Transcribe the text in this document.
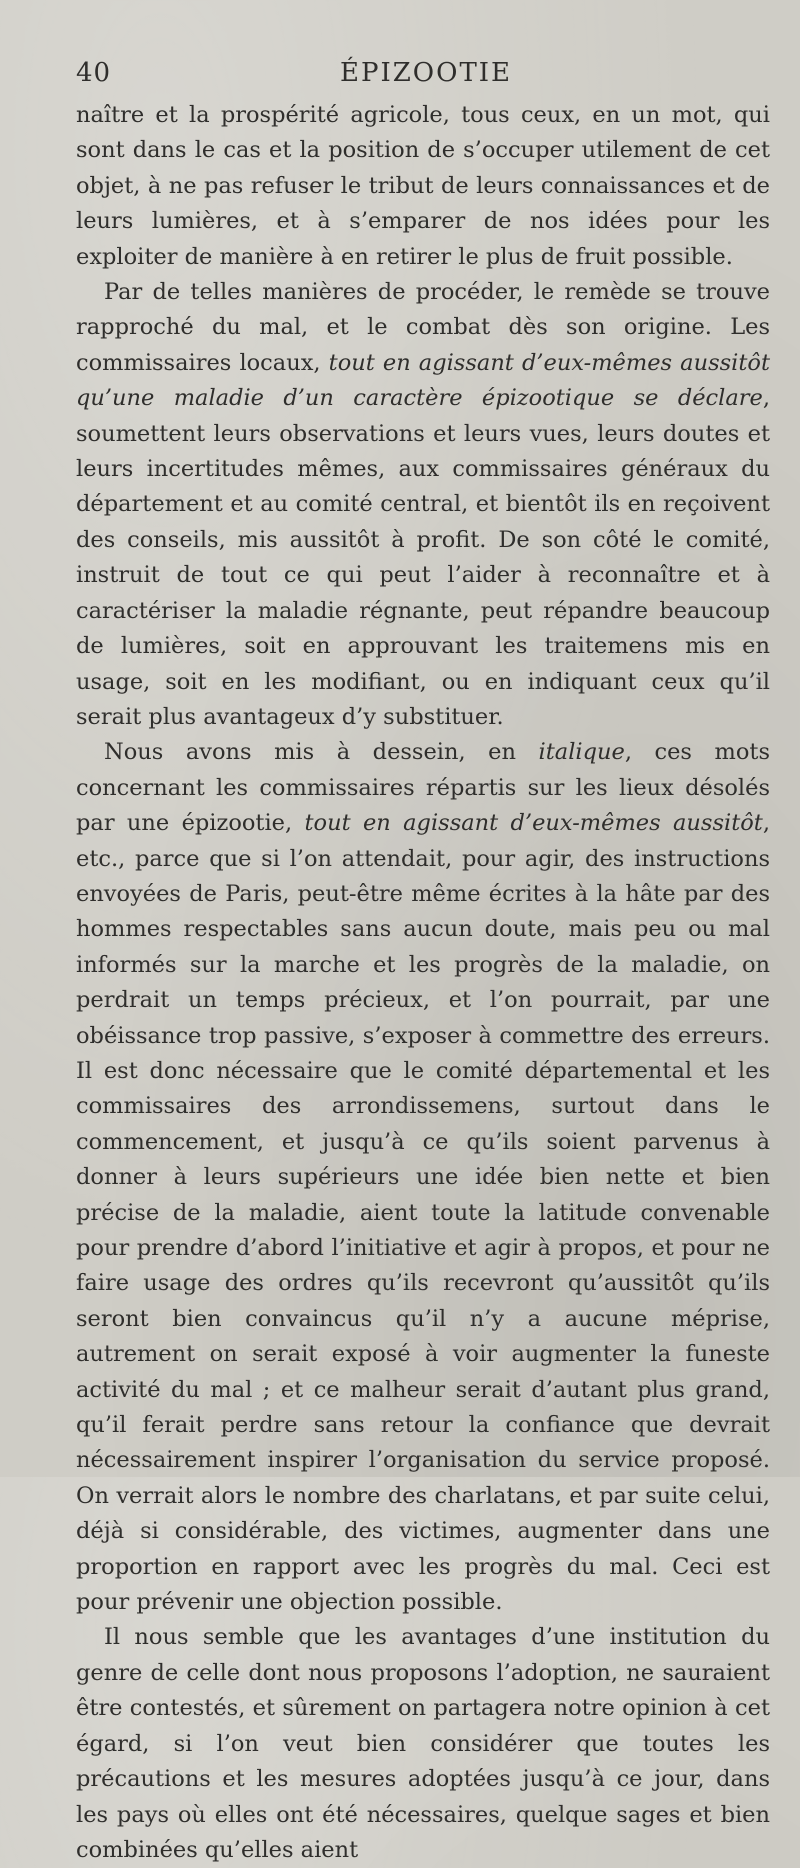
40	ÉPIZOOTIE

naître et la prospérité agricole, tous ceux, en un mot, qui sont dans le cas et la position de s’occuper utilement de cet objet, à ne pas refuser le tribut de leurs connaissances et de leurs lumières, et à s’emparer de nos idées pour les exploiter de manière à en retirer le plus de fruit possible.

Par de telles manières de procéder, le remède se trouve rapproché du mal, et le combat dès son origine. Les commissaires locaux, tout en agissant d’eux-mêmes aussitôt qu’une maladie d’un caractère épizootique se déclare, soumettent leurs observations et leurs vues, leurs doutes et leurs incertitudes mêmes, aux commissaires généraux du département et au comité central, et bientôt ils en reçoivent des conseils, mis aussitôt à profit. De son côté le comité, instruit de tout ce qui peut l’aider à reconnaître et à caractériser la maladie régnante, peut répandre beaucoup de lumières, soit en approuvant les traitemens mis en usage, soit en les modifiant, ou en indiquant ceux qu’il serait plus avantageux d’y substituer.

Nous avons mis à dessein, en italique, ces mots concernant les commissaires répartis sur les lieux désolés par une épizootie, tout en agissant d’eux-mêmes aussitôt, etc., parce que si l’on attendait, pour agir, des instructions envoyées de Paris, peut-être même écrites à la hâte par des hommes respectables sans aucun doute, mais peu ou mal informés sur la marche et les progrès de la maladie, on perdrait un temps précieux, et l’on pourrait, par une obéissance trop passive, s’exposer à commettre des erreurs. Il est donc nécessaire que le comité départemental et les commissaires des arrondissemens, surtout dans le commencement, et jusqu’à ce qu’ils soient parvenus à donner à leurs supérieurs une idée bien nette et bien précise de la maladie, aient toute la latitude convenable pour prendre d’abord l’initiative et agir à propos, et pour ne faire usage des ordres qu’ils recevront qu’aussitôt qu’ils seront bien convaincus qu’il n’y a aucune méprise, autrement on serait exposé à voir augmenter la funeste activité du mal ; et ce malheur serait d’autant plus grand, qu’il ferait perdre sans retour la confiance que devrait nécessairement inspirer l’organisation du service proposé. On verrait alors le nombre des charlatans, et par suite celui, déjà si considérable, des victimes, augmenter dans une proportion en rapport avec les progrès du mal. Ceci est pour prévenir une objection possible.

Il nous semble que les avantages d’une institution du genre de celle dont nous proposons l’adoption, ne sauraient être contestés, et sûrement on partagera notre opinion à cet égard, si l’on veut bien considérer que toutes les précautions et les mesures adoptées jusqu’à ce jour, dans les pays où elles ont été nécessaires, quelque sages et bien combinées qu’elles aient
